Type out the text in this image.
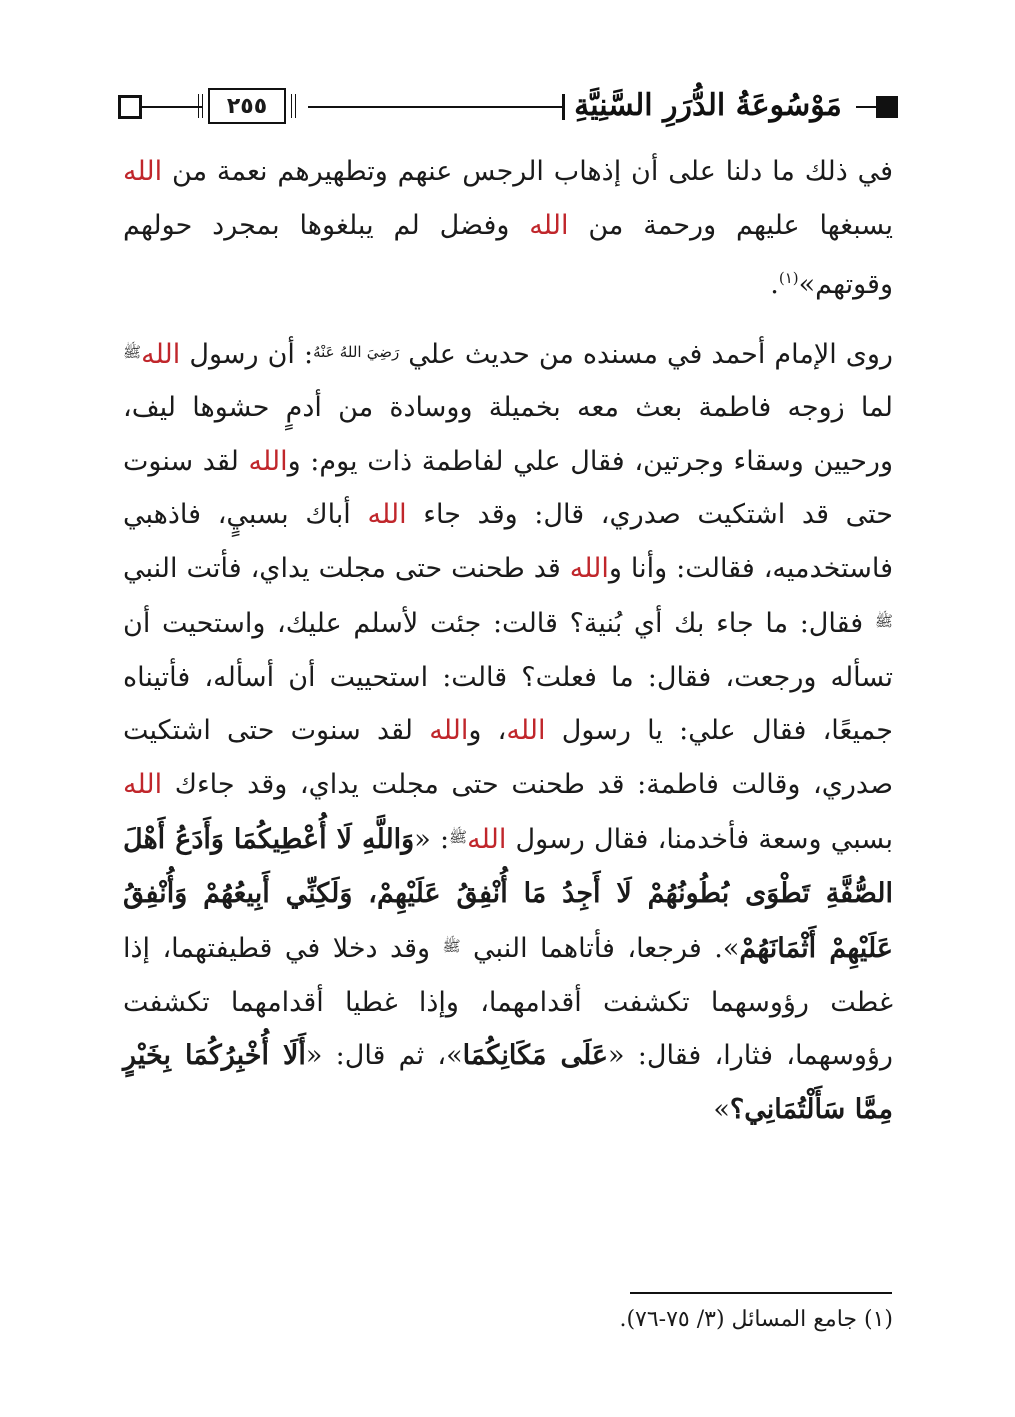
٢٥٥	مَوْسُوعَةُ الدُّرَرِ السَّنِيَّةِ

في ذلك ما دلنا على أن إذهاب الرجس عنهم وتطهيرهم نعمة من الله يسبغها عليهم ورحمة من الله وفضل لم يبلغوها بمجرد حولهم وقوتهم»$^{(١)}$.

روى الإمام أحمد في مسنده من حديث علي $^{رَضِيَ اللهُ عَنْهُ}$: أن رسول الله$^ﷺ$ لما زوجه فاطمة بعث معه بخميلة ووسادة من أدمٍ حشوها ليف، ورحيين وسقاء وجرتين، فقال علي لفاطمة ذات يوم: والله لقد سنوت حتى قد اشتكيت صدري، قال: وقد جاء الله أباك بسبيٍ، فاذهبي فاستخدميه، فقالت: وأنا والله قد طحنت حتى مجلت يداي، فأتت النبي $^ﷺ$ فقال: ما جاء بك أي بُنية؟ قالت: جئت لأسلم عليك، واستحيت أن تسأله ورجعت، فقال: ما فعلت؟ قالت: استحييت أن أسأله، فأتيناه جميعًا، فقال علي: يا رسول الله، والله لقد سنوت حتى اشتكيت صدري، وقالت فاطمة: قد طحنت حتى مجلت يداي، وقد جاءك الله بسبي وسعة فأخدمنا، فقال رسول الله$^ﷺ$: «وَاللَّهِ لَا أُعْطِيكُمَا وَأَدَعُ أَهْلَ الصُّفَّةِ تَطْوَى بُطُونُهُمْ لَا أَجِدُ مَا أُنْفِقُ عَلَيْهِمْ، وَلَكِنِّي أَبِيعُهُمْ وَأُنْفِقُ عَلَيْهِمْ أَثْمَانَهُمْ». فرجعا، فأتاهما النبي $^ﷺ$ وقد دخلا في قطيفتهما، إذا غطت رؤوسهما تكشفت أقدامهما، وإذا غطيا أقدامهما تكشفت رؤوسهما، فثارا، فقال: «عَلَى مَكَانِكُمَا»، ثم قال: «أَلَا أُخْبِرُكُمَا بِخَيْرٍ مِمَّا سَأَلْتُمَانِي؟»

(١) جامع المسائل (٣/ ٧٥-٧٦).
